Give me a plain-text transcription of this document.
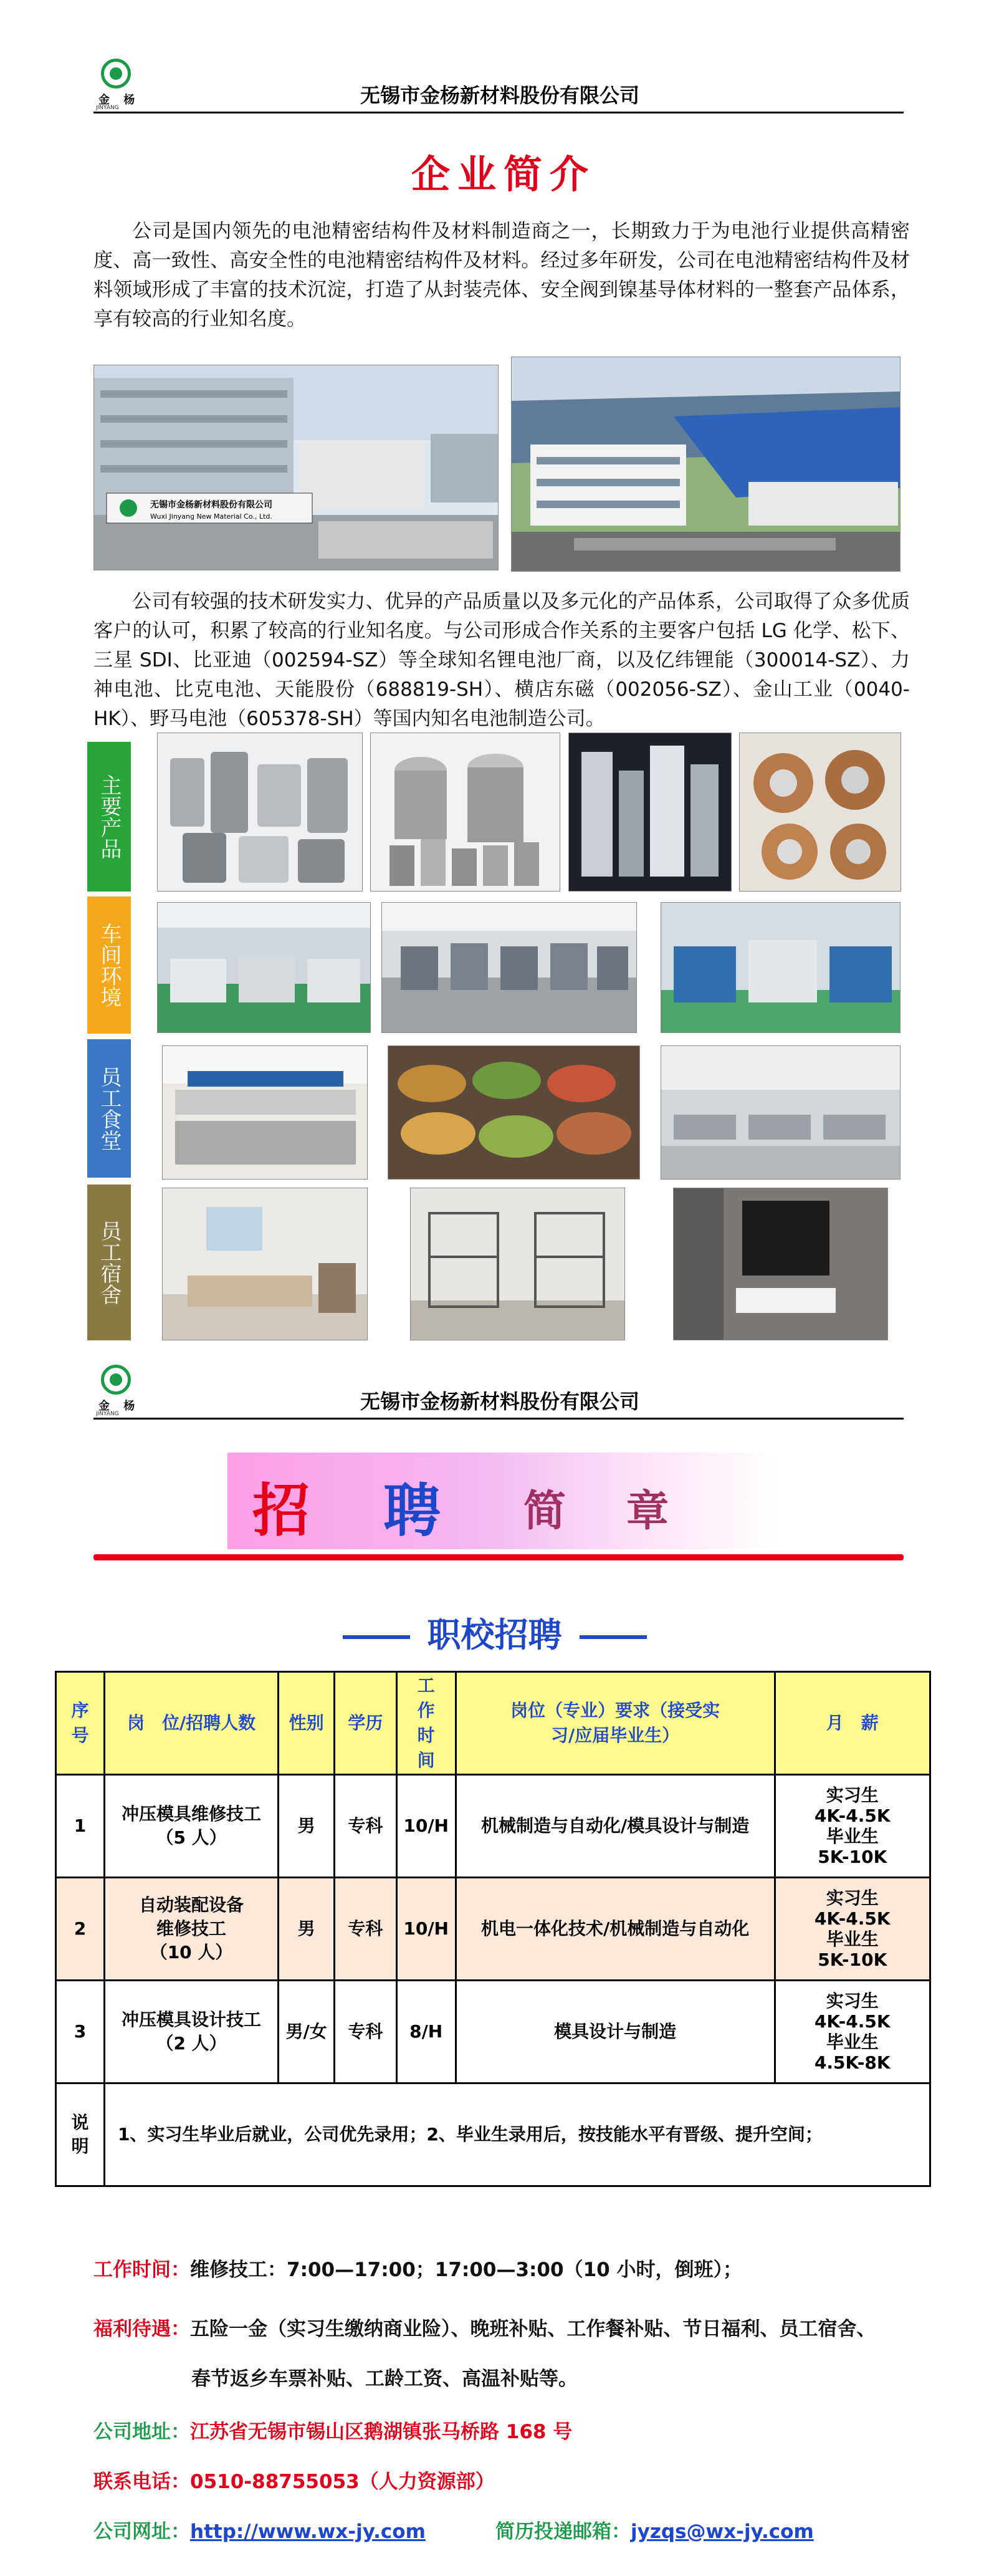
金 杨
JINYANG
无锡市金杨新材料股份有限公司
企业简介
公司是国内领先的电池精密结构件及材料制造商之一，长期致力于为电池行业提供高精密度、高一致性、高安全性的电池精密结构件及材料。经过多年研发，公司在电池精密结构件及材料领域形成了丰富的技术沉淀，打造了从封装壳体、安全阀到镍基导体材料的一整套产品体系，享有较高的行业知名度。
无锡市金杨新材料股份有限公司
Wuxi Jinyang New Material Co., Ltd.
公司有较强的技术研发实力、优异的产品质量以及多元化的产品体系，公司取得了众多优质客户的认可，积累了较高的行业知名度。与公司形成合作关系的主要客户包括 LG 化学、松下、三星 SDI、比亚迪（002594-SZ）等全球知名锂电池厂商，以及亿纬锂能（300014-SZ）、力神电池、比克电池、天能股份（688819-SH）、横店东磁（002056-SZ）、金山工业（0040-HK）、野马电池（605378-SH）等国内知名电池制造公司。
主要产品
车间环境
员工食堂
员工宿舍
金 杨
JINYANG
无锡市金杨新材料股份有限公司
招 聘 简 章
职校招聘
序号	岗　位/招聘人数	性别	学历	工作时间	岗位（专业）要求（接受实习/应届毕业生）	月　薪
1	冲压模具维修技工
（5 人）	男	专科	10/H	机械制造与自动化/模具设计与制造	实习生
4K-4.5K
毕业生
5K-10K
2	自动装配设备
维修技工
（10 人）	男	专科	10/H	机电一体化技术/机械制造与自动化	实习生
4K-4.5K
毕业生
5K-10K
3	冲压模具设计技工
（2 人）	男/女	专科	8/H	模具设计与制造	实习生
4K-4.5K
毕业生
4.5K-8K
说明	1、实习生毕业后就业，公司优先录用；2、毕业生录用后，按技能水平有晋级、提升空间；					
工作时间：维修技工：7:00—17:00；17:00—3:00（10 小时，倒班）；
福利待遇：五险一金（实习生缴纳商业险）、晚班补贴、工作餐补贴、节日福利、员工宿舍、
春节返乡车票补贴、工龄工资、高温补贴等。
公司地址：江苏省无锡市锡山区鹅湖镇张马桥路 168 号
联系电话：0510-88755053（人力资源部）
公司网址：http://www.wx-jy.com	简历投递邮箱：jyzqs@wx-jy.com
